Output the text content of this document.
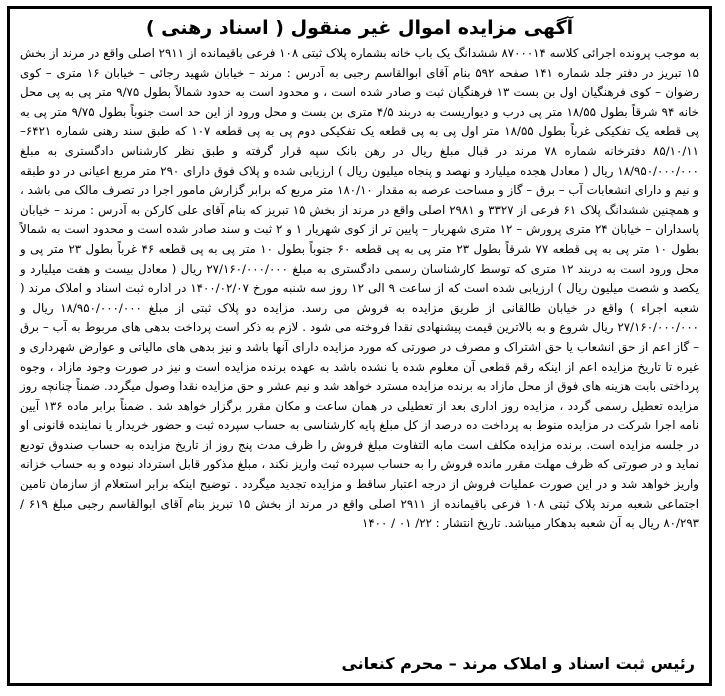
آگهی مزایده اموال غیر منقول ( اسناد رهنی )
به موجب پرونده اجرائی کلاسه ۸۷۰۰۰۱۴ ششدانگ یک باب خانه بشماره پلاک ثبتی ۱۰۸ فرعی باقیمانده از ۲۹۱۱ اصلی واقع در مرند از بخش ۱۵ تبریز در دفتر جلد شماره ۱۴۱ صفحه ۵۹۲ بنام آقای ابوالقاسم رجبی به آدرس : مرند – خیابان شهید رجائی – خیابان ۱۶ متری – کوی رضوان – کوی فرهنگیان اول بن بست ۱۳ فرهنگیان ثبت و صادر شده است ، و محدود است به حدود شمالاً بطول ۹/۷۵ متر پی به پی محل خانه ۹۴ شرقاً بطول ۱۸/۵۵ متر پی درب و دیواریست به دربند ۴/۵ متری بن بست و محل ورود از این حد است جنوباً بطول ۹/۷۵ متر پی به پی قطعه یک تفکیکی غرباً بطول ۱۸/۵۵ متر اول پی به پی قطعه یک تفکیکی دوم پی به پی قطعه ۱۰۷ که طبق سند رهنی شماره ۶۴۲۱–۸۵/۱۰/۱۱ دفترخانه شماره ۷۸ مرند در قبال مبلغ ریال در رهن بانک سپه قرار گرفته و طبق نظر کارشناس دادگستری به مبلغ ۱۸/۹۵۰/۰۰۰/۰۰۰ ریال ( معادل هجده میلیارد و نهصد و پنجاه میلیون ریال ) ارزیابی شده و پلاک فوق دارای ۲۹۰ متر مربع اعیانی در دو طبقه و نیم و دارای انشعابات آب – برق – گاز و مساحت عرصه به مقدار ۱۸۰/۱۰ متر مربع که برابر گزارش مامور اجرا در تصرف مالک می باشد ، و همچنین ششدانگ پلاک ۶۱ فرعی از ۳۳۲۷ و ۲۹۸۱ اصلی واقع در مرند از بخش ۱۵ تبریز که بنام آقای علی کارکن به آدرس : مرند – خیابان پاسداران – خیابان ۲۴ متری پرورش – ۱۲ متری شهریار – پایین تر از کوی شهریار ۱ و ۲ ثبت و سند صادر شده است و محدود است به شمالاً بطول ۱۰ متر پی به پی قطعه ۷۷ شرقاً بطول ۲۳ متر پی به پی قطعه ۶۰ جنوباً بطول ۱۰ متر پی به پی قطعه ۴۶ غرباً بطول ۲۳ متر پی و محل ورود است به دربند ۱۲ متری که توسط کارشناسان رسمی دادگستری به مبلغ ۲۷/۱۶۰/۰۰۰/۰۰۰ ریال ( معادل بیست و هفت میلیارد و یکصد و شصت میلیون ریال ) ارزیابی شده است که از ساعت ۹ الی ۱۲ روز سه شنبه مورخ ۱۴۰۰/۰۲/۰۷ در اداره ثبت اسناد و املاک مرند ( شعبه اجراء ) واقع در خیابان طالقانی از طریق مزایده به فروش می رسد. مزایده دو پلاک ثبتی از مبلغ ۱۸/۹۵۰/۰۰۰/۰۰۰ ریال و ۲۷/۱۶۰/۰۰۰/۰۰۰ ریال شروع و به بالاترین قیمت پیشنهادی نقدا فروخته می شود . لازم به ذکر است پرداخت بدهی های مربوط به آب – برق – گاز اعم از حق انشعاب یا حق اشتراک و مصرف در صورتی که مورد مزایده دارای آنها باشد و نیز بدهی های مالیاتی و عوارض شهرداری و غیره تا تاریخ مزایده اعم از اینکه رقم قطعی آن معلوم شده یا نشده باشد به عهده برنده مزایده است و نیز در صورت وجود مازاد ، وجوه پرداختی بابت هزینه های فوق از محل مازاد به برنده مزایده مسترد خواهد شد و نیم عشر و حق مزایده نقدا وصول میگردد. ضمناً چنانچه روز مزایده تعطیل رسمی گردد ، مزایده روز اداری بعد از تعطیلی در همان ساعت و مکان مقرر برگزار خواهد شد . ضمناً برابر ماده ۱۳۶ آیین نامه اجرا شرکت در مزایده منوط به پرداخت ده درصد از کل مبلغ پایه کارشناسی به حساب سپرده ثبت و حضور خریدار یا نماینده قانونی او در جلسه مزایده است. برنده مزایده مکلف است مابه التفاوت مبلغ فروش را ظرف مدت پنج روز از تاریخ مزایده به حساب صندوق تودیع نماید و در صورتی که ظرف مهلت مقرر مانده فروش را به حساب سپرده ثبت واریز نکند ، مبلغ مذکور قابل استرداد نبوده و به حساب خزانه واریز خواهد شد و در این صورت عملیات فروش از درجه اعتبار ساقط و مزایده تجدید میگردد . توضیح اینکه برابر استعلام از سازمان تامین اجتماعی شعبه مرند پلاک ثبتی ۱۰۸ فرعی باقیمانده از ۲۹۱۱ اصلی واقع در مرند از بخش ۱۵ تبریز بنام آقای ابوالقاسم رجبی مبلغ ۶۱۹ / ۸۰/۲۹۳ ریال به آن شعبه بدهکار میباشد. تاریخ انتشار : ۲۲/ ۰۱ / ۱۴۰۰
رئیس ثبت اسناد و املاک مرند – محرم کنعانی
